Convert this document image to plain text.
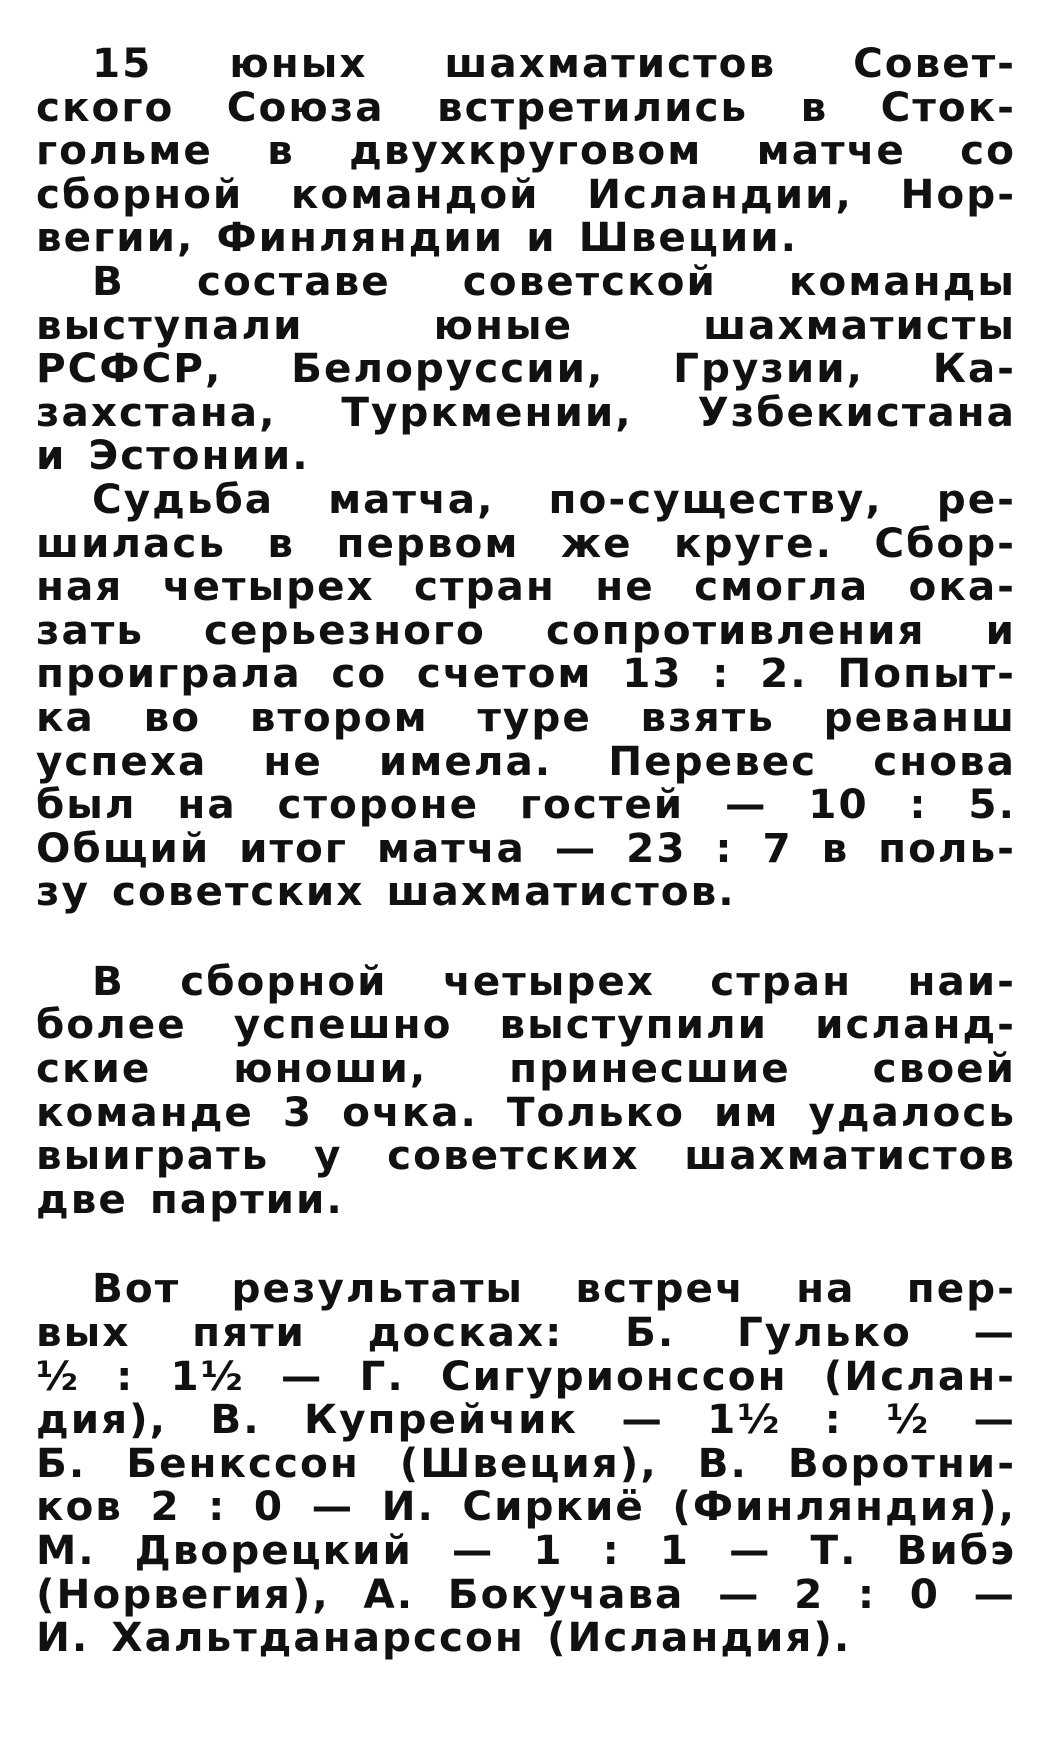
15 юных шахматистов Совет-
ского Союза встретились в Сток-
гольме в двухкруговом матче со
сборной командой Исландии, Нор-
вегии, Финляндии и Швеции.

В составе советской команды
выступали юные шахматисты
РСФСР, Белоруссии, Грузии, Ка-
захстана, Туркмении, Узбекистана
и Эстонии.

Судьба матча, по-существу, ре-
шилась в первом же круге. Сбор-
ная четырех стран не смогла ока-
зать серьезного сопротивления и
проиграла со счетом 13 : 2. Попыт-
ка во втором туре взять реванш
успеха не имела. Перевес снова
был на стороне гостей — 10 : 5.
Общий итог матча — 23 : 7 в поль-
зу советских шахматистов.

В сборной четырех стран наи-
более успешно выступили исланд-
ские юноши, принесшие своей
команде 3 очка. Только им удалось
выиграть у советских шахматистов
две партии.

Вот результаты встреч на пер-
вых пяти досках: Б. Гулько —
½ : 1½ — Г. Сигурионссон (Ислан-
дия), В. Купрейчик — 1½ : ½ —
Б. Бенкссон (Швеция), В. Воротни-
ков 2 : 0 — И. Сиркиё (Финляндия),
М. Дворецкий — 1 : 1 — Т. Вибэ
(Норвегия), А. Бокучава — 2 : 0 —
И. Хальтданарссон (Исландия).
